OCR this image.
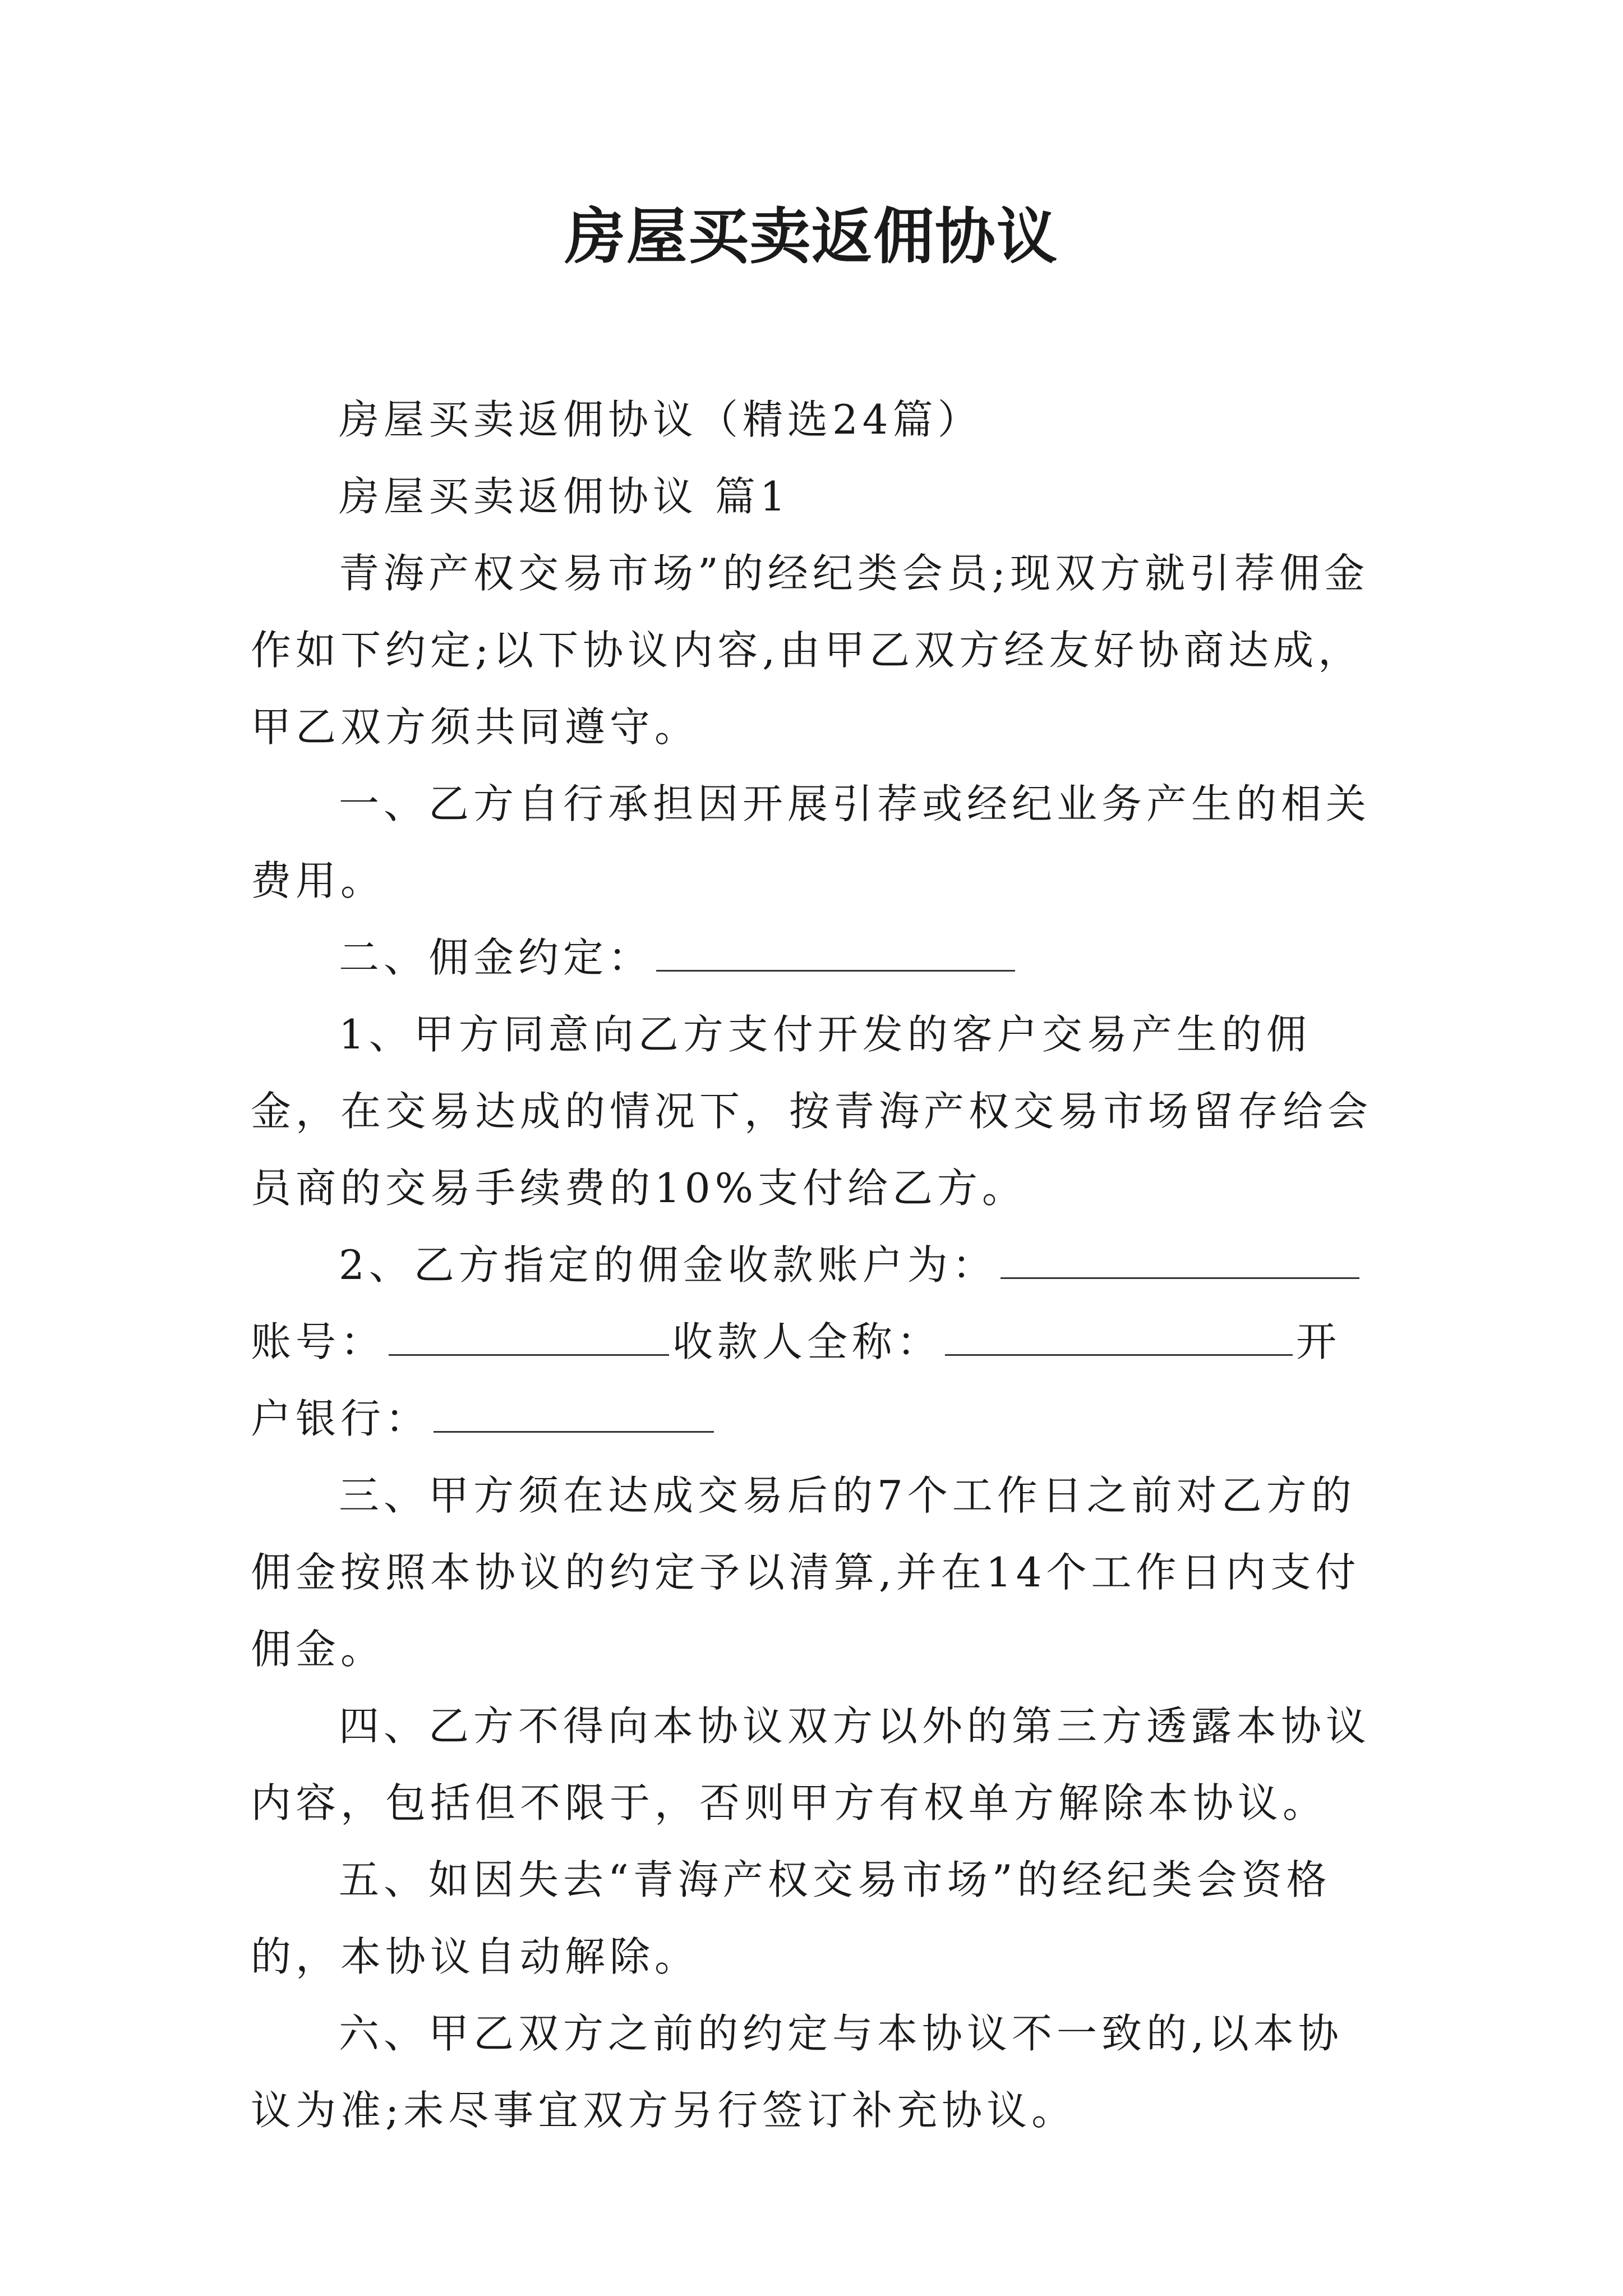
房屋买卖返佣协议

房屋买卖返佣协议（精选24篇）

房屋买卖返佣协议 篇1

青海产权交易市场”的经纪类会员;现双方就引荐佣金作如下约定;以下协议内容,由甲乙双方经友好协商达成，甲乙双方须共同遵守。

一、乙方自行承担因开展引荐或经纪业务产生的相关费用。

二、佣金约定：

1、甲方同意向乙方支付开发的客户交易产生的佣金，在交易达成的情况下，按青海产权交易市场留存给会员商的交易手续费的10%支付给乙方。

2、乙方指定的佣金收款账户为：账号：	收款人全称：	开户银行：

三、甲方须在达成交易后的7个工作日之前对乙方的佣金按照本协议的约定予以清算,并在14个工作日内支付佣金。

四、乙方不得向本协议双方以外的第三方透露本协议内容，包括但不限于，否则甲方有权单方解除本协议。

五、如因失去“青海产权交易市场”的经纪类会资格的，本协议自动解除。

六、甲乙双方之前的约定与本协议不一致的,以本协议为准;未尽事宜双方另行签订补充协议。
